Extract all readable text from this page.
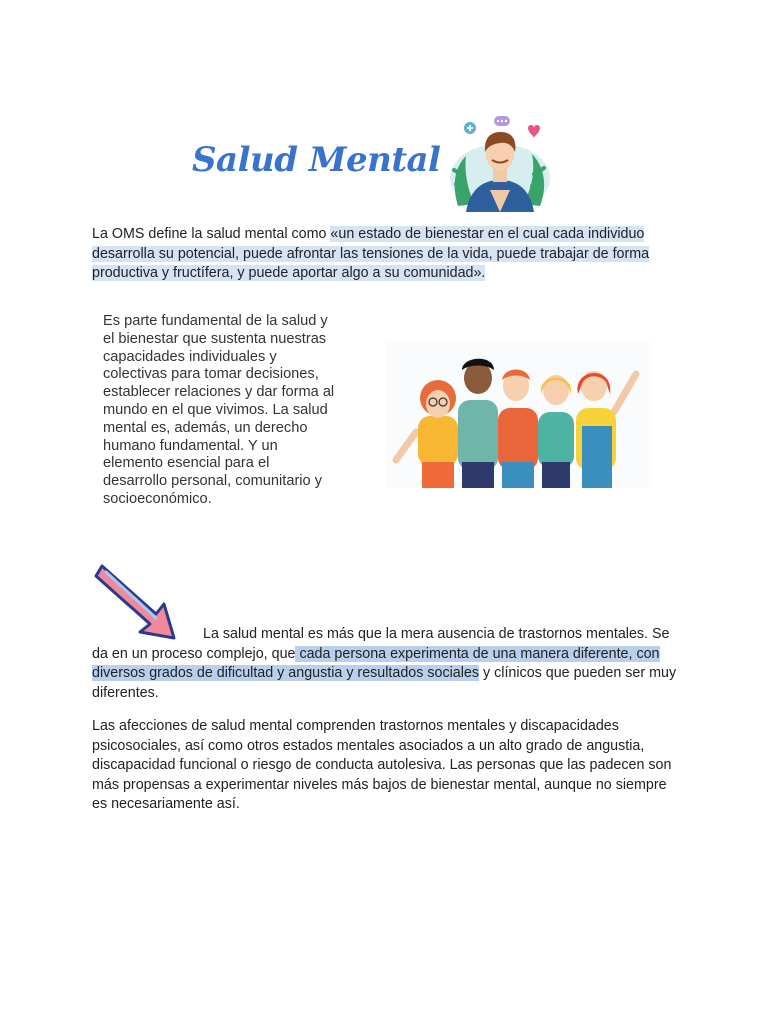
Salud Mental

La OMS define la salud mental como «un estado de bienestar en el cual cada individuo desarrolla su potencial, puede afrontar las tensiones de la vida, puede trabajar de forma productiva y fructífera, y puede aportar algo a su comunidad».

Es parte fundamental de la salud y el bienestar que sustenta nuestras capacidades individuales y colectivas para tomar decisiones, establecer relaciones y dar forma al mundo en el que vivimos. La salud mental es, además, un derecho humano fundamental. Y un elemento esencial para el desarrollo personal, comunitario y socioeconómico.

La salud mental es más que la mera ausencia de trastornos mentales. Se da en un proceso complejo, que cada persona experimenta de una manera diferente, con diversos grados de dificultad y angustia y resultados sociales y clínicos que pueden ser muy diferentes.

Las afecciones de salud mental comprenden trastornos mentales y discapacidades psicosociales, así como otros estados mentales asociados a un alto grado de angustia, discapacidad funcional o riesgo de conducta autolesiva. Las personas que las padecen son más propensas a experimentar niveles más bajos de bienestar mental, aunque no siempre es necesariamente así.
